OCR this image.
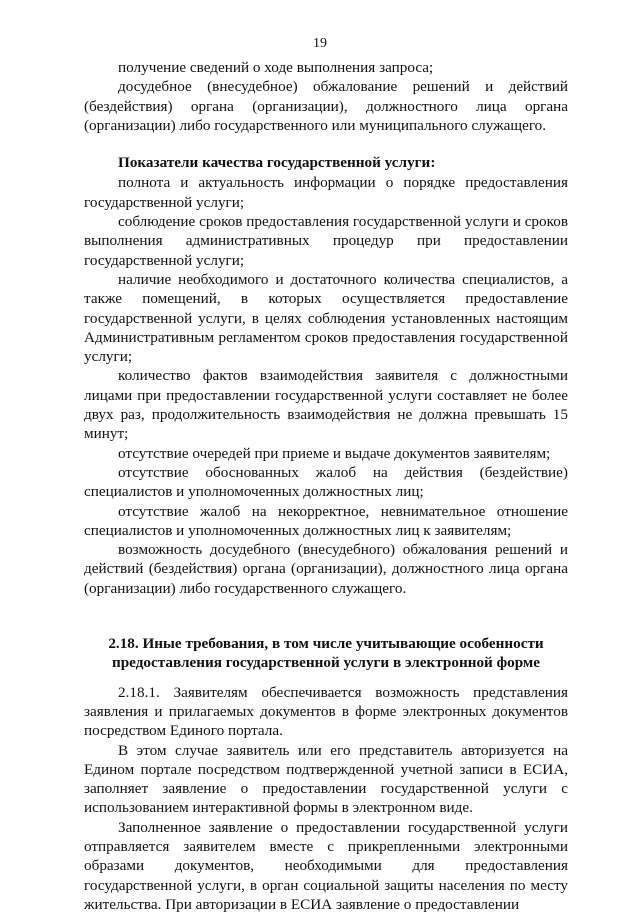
19

получение сведений о ходе выполнения запроса;

досудебное (внесудебное) обжалование решений и действий (бездействия) органа (организации), должностного лица органа (организации) либо государственного или муниципального служащего.

Показатели качества государственной услуги:

полнота и актуальность информации о порядке предоставления государственной услуги;

соблюдение сроков предоставления государственной услуги и сроков выполнения административных процедур при предоставлении государственной услуги;

наличие необходимого и достаточного количества специалистов, а также помещений, в которых осуществляется предоставление государственной услуги, в целях соблюдения установленных настоящим Административным регламентом сроков предоставления государственной услуги;

количество фактов взаимодействия заявителя с должностными лицами при предоставлении государственной услуги составляет не более двух раз, продолжительность взаимодействия не должна превышать 15 минут;

отсутствие очередей при приеме и выдаче документов заявителям;

отсутствие обоснованных жалоб на действия (бездействие) специалистов и уполномоченных должностных лиц;

отсутствие жалоб на некорректное, невнимательное отношение специалистов и уполномоченных должностных лиц к заявителям;

возможность досудебного (внесудебного) обжалования решений и действий (бездействия) органа (организации), должностного лица органа (организации) либо государственного служащего.

2.18. Иные требования, в том числе учитывающие особенности
предоставления государственной услуги в электронной форме

2.18.1. Заявителям обеспечивается возможность представления заявления и прилагаемых документов в форме электронных документов посредством Единого портала.

В этом случае заявитель или его представитель авторизуется на Едином портале посредством подтвержденной учетной записи в ЕСИА, заполняет заявление о предоставлении государственной услуги с использованием интерактивной формы в электронном виде.

Заполненное заявление о предоставлении государственной услуги отправляется заявителем вместе с прикрепленными электронными образами документов, необходимыми для предоставления государственной услуги, в орган социальной защиты населения по месту жительства. При авторизации в ЕСИА заявление о предоставлении
